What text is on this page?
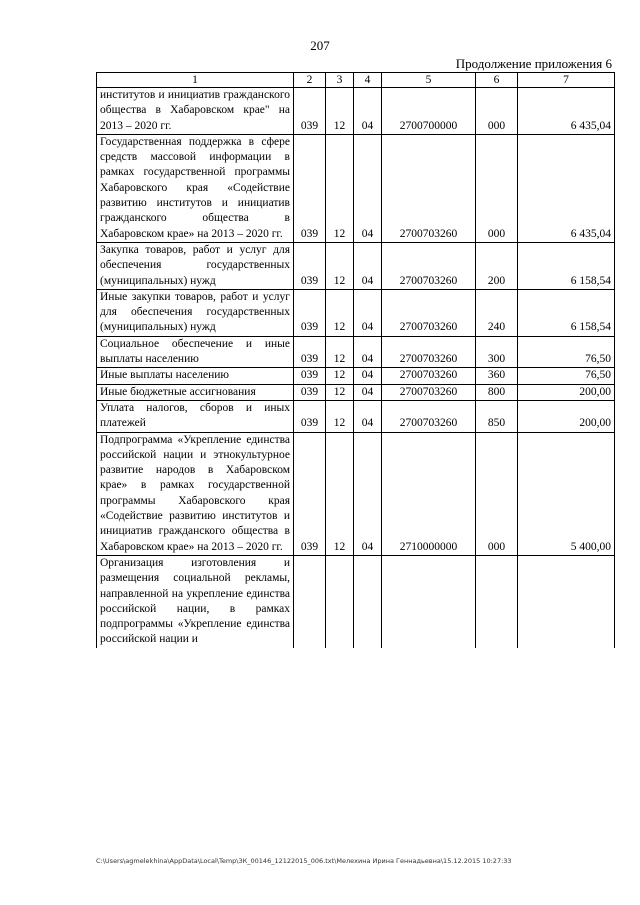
207
Продолжение приложения 6
1	2	3	4	5	6	7
институтов и инициатив гражданского общества в Хабаровском крае" на 2013 – 2020 гг.	039	12	04	2700700000	000	6 435,04
Государственная поддержка в сфере средств массовой информации в рамках государственной программы Хабаровского края «Содействие развитию институтов и инициатив гражданского общества в Хабаровском крае» на 2013 – 2020 гг.	039	12	04	2700703260	000	6 435,04
Закупка товаров, работ и услуг для обеспечения государственных (муниципальных) нужд	039	12	04	2700703260	200	6 158,54
Иные закупки товаров, работ и услуг для обеспечения государственных (муниципальных) нужд	039	12	04	2700703260	240	6 158,54
Социальное обеспечение и иные выплаты населению	039	12	04	2700703260	300	76,50
Иные выплаты населению	039	12	04	2700703260	360	76,50
Иные бюджетные ассигнования	039	12	04	2700703260	800	200,00
Уплата налогов, сборов и иных платежей	039	12	04	2700703260	850	200,00
Подпрограмма «Укрепление единства российской нации и этнокультурное развитие народов в Хабаровском крае» в рамках государственной программы Хабаровского края «Содействие развитию институтов и инициатив гражданского общества в Хабаровском крае» на 2013 – 2020 гг.	039	12	04	2710000000	000	5 400,00
Организация изготовления и размещения социальной рекламы, направленной на укрепление единства российской нации, в рамках подпрограммы «Укрепление единства российской нации и						
C:\Users\agmelekhina\AppData\Local\Temp\ЗК_00146_12122015_006.txt\Мелехина Ирина Геннадьевна\15.12.2015 10:27:33
